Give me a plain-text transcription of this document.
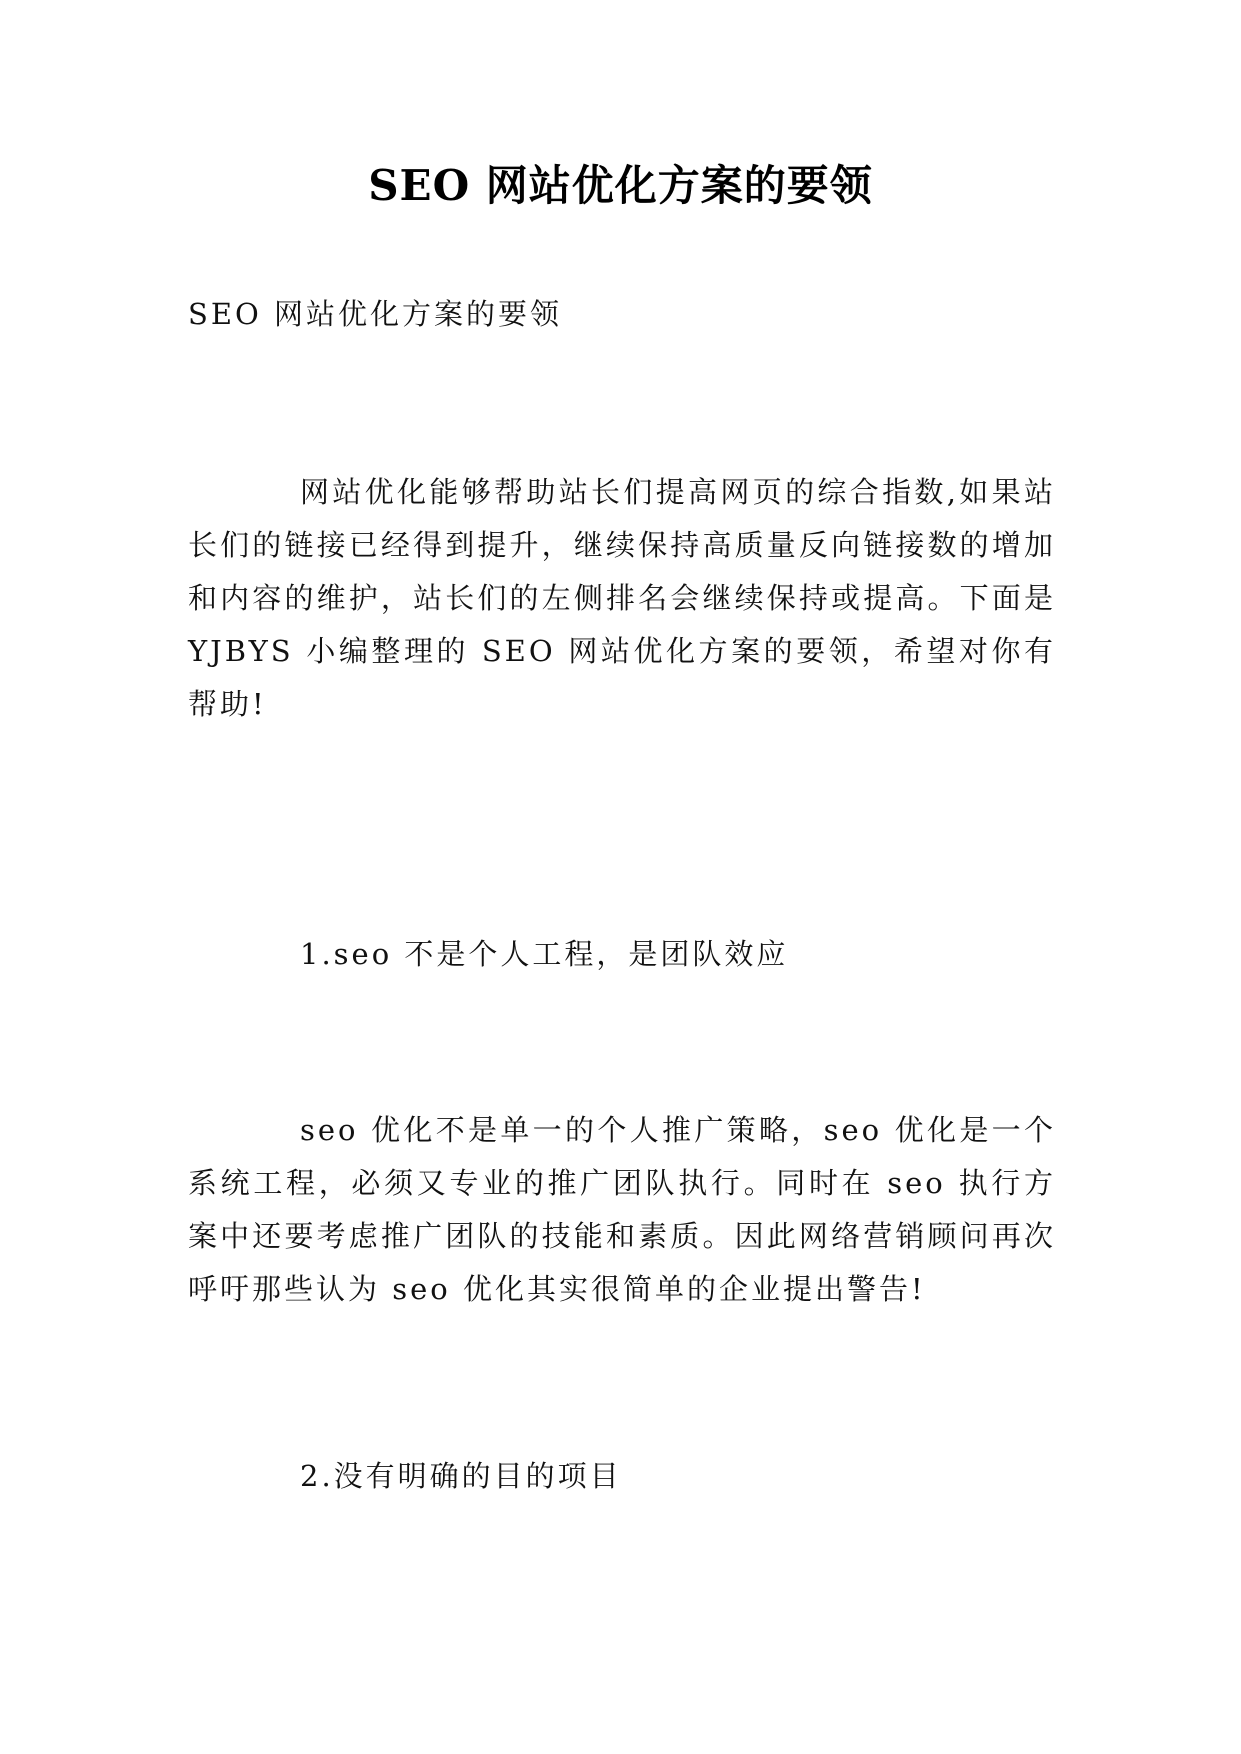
SEO 网站优化方案的要领
SEO 网站优化方案的要领

网站优化能够帮助站长们提高网页的综合指数,如果站长们的链接已经得到提升，继续保持高质量反向链接数的增加和内容的维护，站长们的左侧排名会继续保持或提高。下面是 YJBYS 小编整理的 SEO 网站优化方案的要领，希望对你有帮助!

1.seo 不是个人工程，是团队效应

seo 优化不是单一的个人推广策略，seo 优化是一个系统工程，必须又专业的推广团队执行。同时在 seo 执行方案中还要考虑推广团队的技能和素质。因此网络营销顾问再次呼吁那些认为 seo 优化其实很简单的企业提出警告!

2.没有明确的目的项目
